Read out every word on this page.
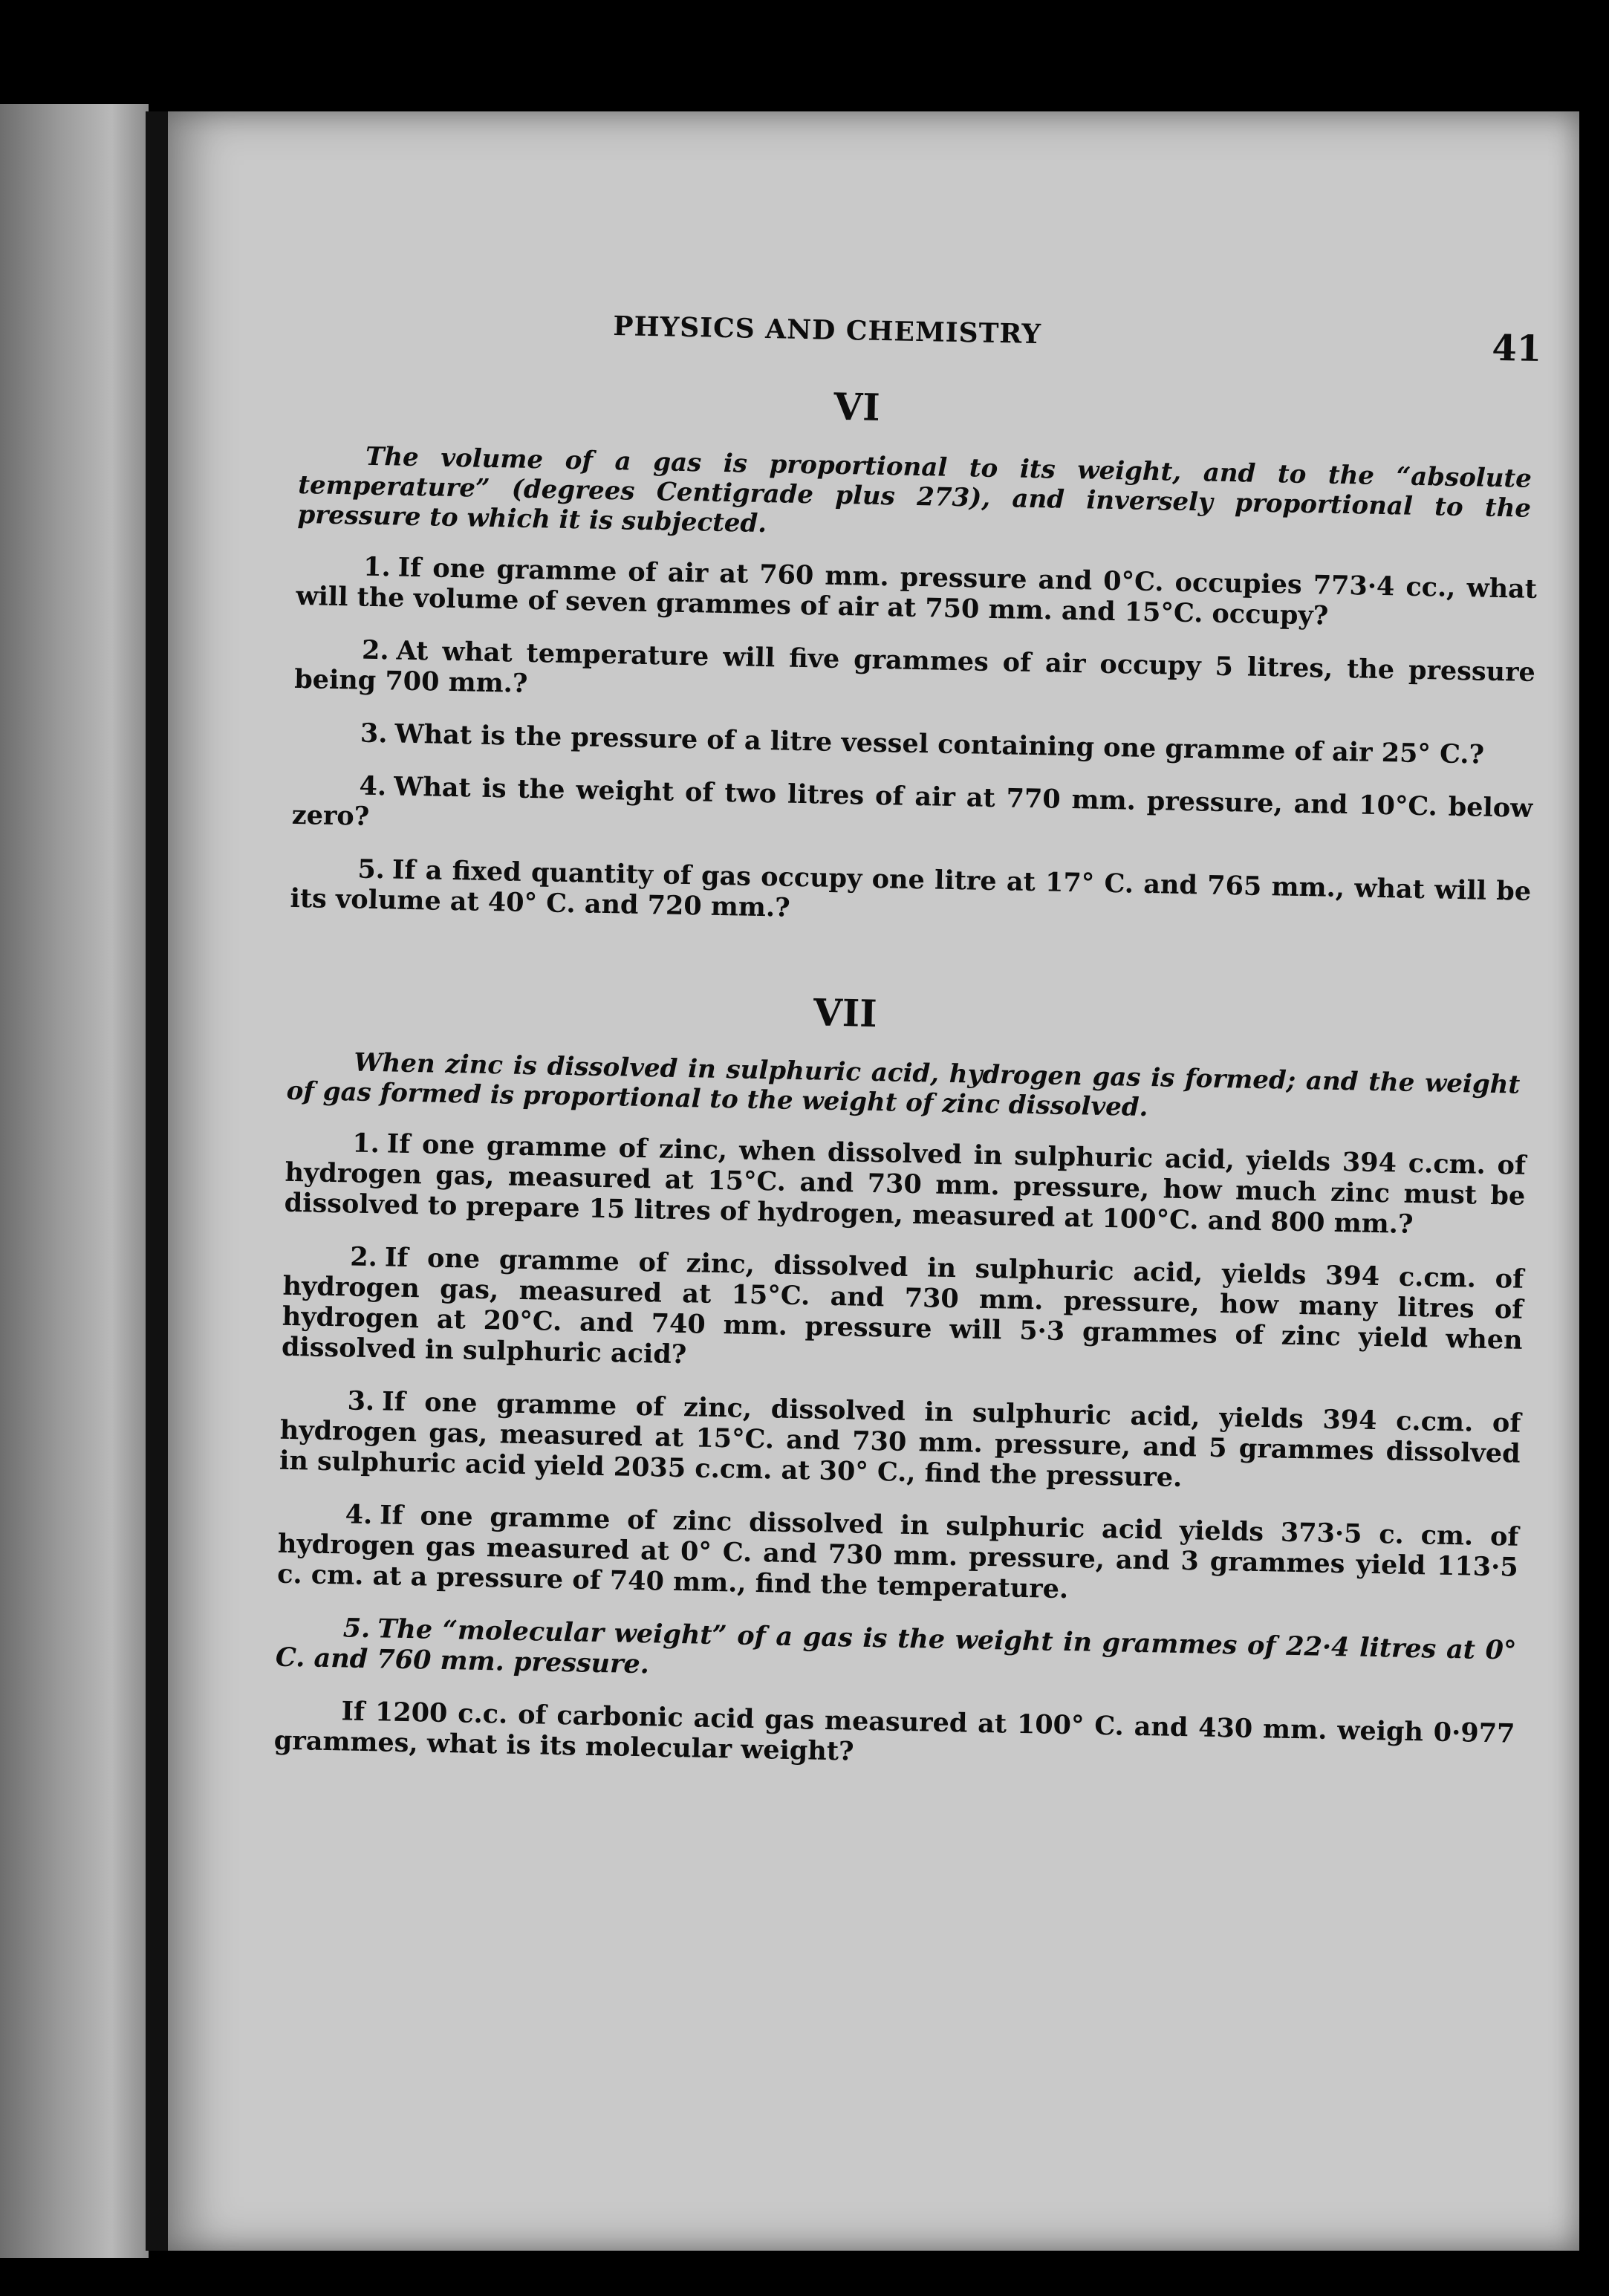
PHYSICS AND CHEMISTRY	41
VI

The volume of a gas is proportional to its weight, and to the “absolute temperature” (degrees Centigrade plus 273), and inversely proportional to the pressure to which it is subjected.

1. If one gramme of air at 760 mm. pressure and 0°C. occupies 773·4 cc., what will the volume of seven grammes of air at 750 mm. and 15°C. occupy?

2. At what temperature will five grammes of air occupy 5 litres, the pressure being 700 mm.?

3. What is the pressure of a litre vessel containing one gramme of air 25° C.?

4. What is the weight of two litres of air at 770 mm. pressure, and 10°C. below zero?

5. If a fixed quantity of gas occupy one litre at 17° C. and 765 mm., what will be its volume at 40° C. and 720 mm.?

VII

When zinc is dissolved in sulphuric acid, hydrogen gas is formed; and the weight of gas formed is proportional to the weight of zinc dissolved.

1. If one gramme of zinc, when dissolved in sulphuric acid, yields 394 c.cm. of hydrogen gas, measured at 15°C. and 730 mm. pressure, how much zinc must be dissolved to prepare 15 litres of hydrogen, measured at 100°C. and 800 mm.?

2. If one gramme of zinc, dissolved in sulphuric acid, yields 394 c.cm. of hydrogen gas, measured at 15°C. and 730 mm. pressure, how many litres of hydrogen at 20°C. and 740 mm. pressure will 5·3 grammes of zinc yield when dissolved in sulphuric acid?

3. If one gramme of zinc, dissolved in sulphuric acid, yields 394 c.cm. of hydrogen gas, measured at 15°C. and 730 mm. pressure, and 5 grammes dissolved in sulphuric acid yield 2035 c.cm. at 30° C., find the pressure.

4. If one gramme of zinc dissolved in sulphuric acid yields 373·5 c. cm. of hydrogen gas measured at 0° C. and 730 mm. pressure, and 3 grammes yield 113·5 c. cm. at a pressure of 740 mm., find the temperature.

5. The “molecular weight” of a gas is the weight in grammes of 22·4 litres at 0° C. and 760 mm. pressure.

If 1200 c.c. of carbonic acid gas measured at 100° C. and 430 mm. weigh 0·977 grammes, what is its molecular weight?
